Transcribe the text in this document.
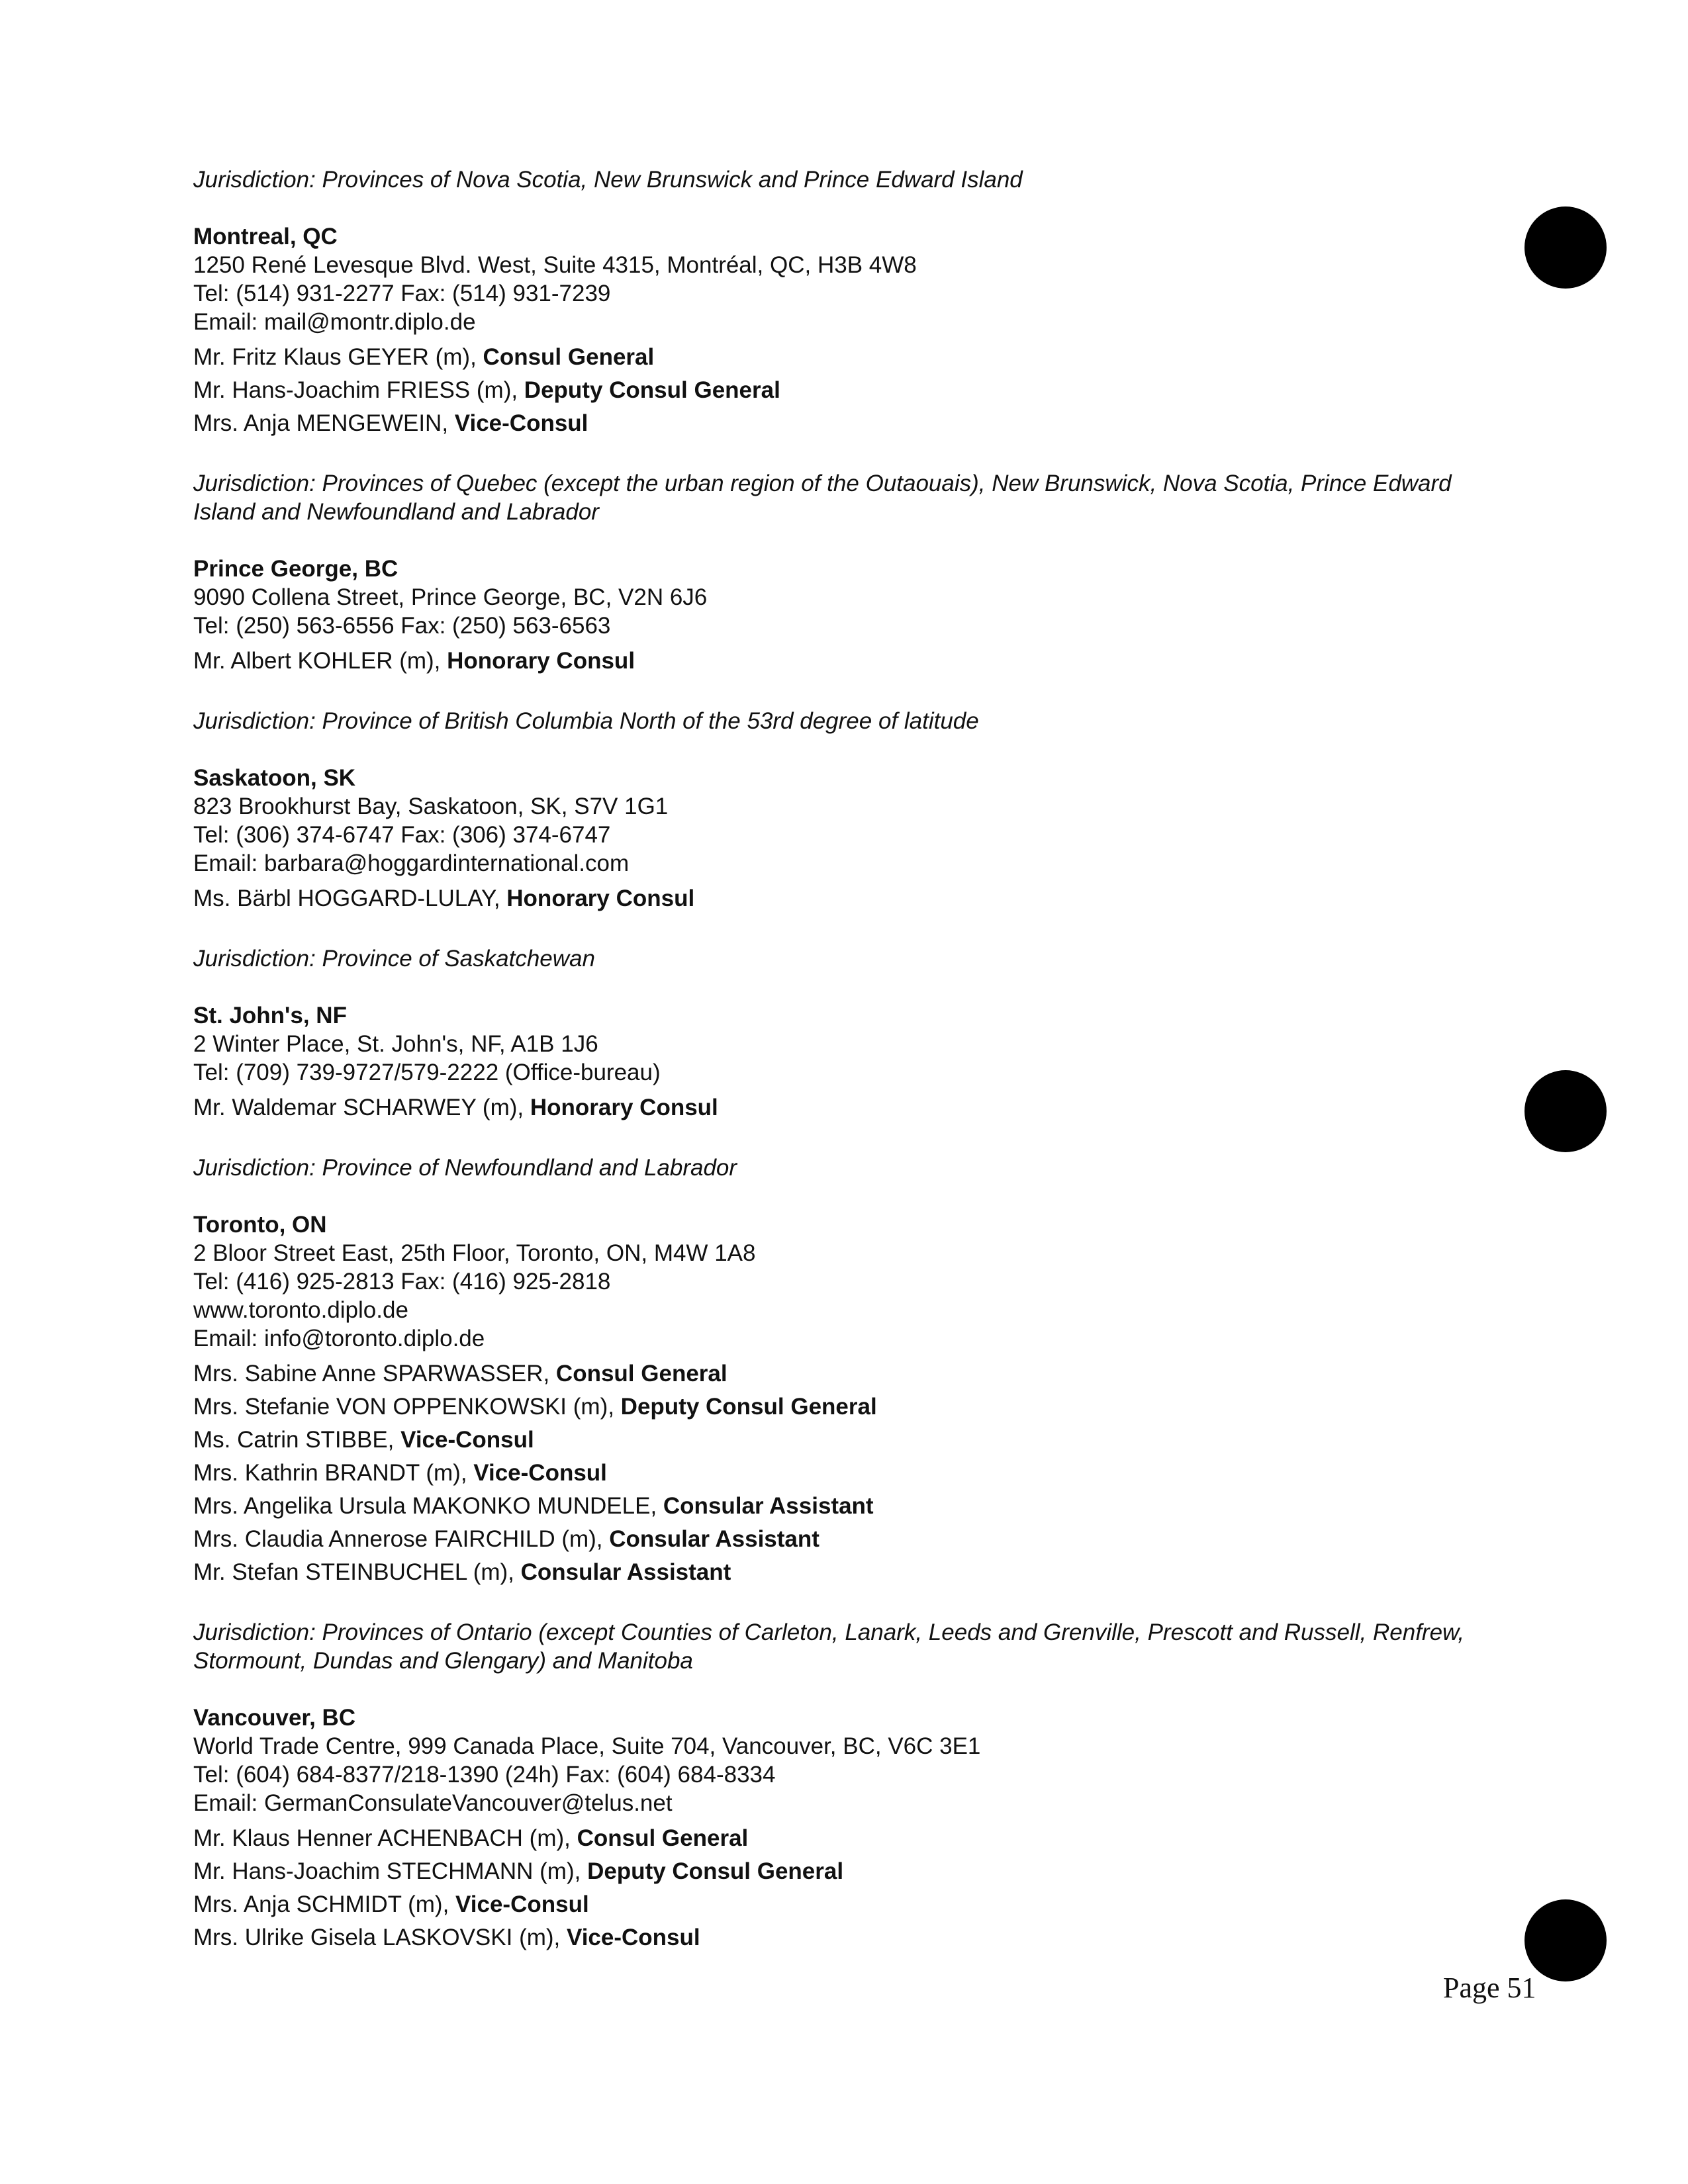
Jurisdiction: Provinces of Nova Scotia, New Brunswick and Prince Edward Island

Montreal, QC
1250 René Levesque Blvd. West, Suite 4315, Montréal, QC, H3B 4W8
Tel: (514) 931-2277 Fax: (514) 931-7239
Email: mail@montr.diplo.de
Mr. Fritz Klaus GEYER (m), Consul General
Mr. Hans-Joachim FRIESS (m), Deputy Consul General
Mrs. Anja MENGEWEIN, Vice-Consul

Jurisdiction: Provinces of Quebec (except the urban region of the Outaouais), New Brunswick, Nova Scotia, Prince Edward Island and Newfoundland and Labrador

Prince George, BC
9090 Collena Street, Prince George, BC, V2N 6J6
Tel: (250) 563-6556 Fax: (250) 563-6563
Mr. Albert KOHLER (m), Honorary Consul

Jurisdiction: Province of British Columbia North of the 53rd degree of latitude

Saskatoon, SK
823 Brookhurst Bay, Saskatoon, SK, S7V 1G1
Tel: (306) 374-6747 Fax: (306) 374-6747
Email: barbara@hoggardinternational.com
Ms. Bärbl HOGGARD-LULAY, Honorary Consul

Jurisdiction: Province of Saskatchewan

St. John's, NF
2 Winter Place, St. John's, NF, A1B 1J6
Tel: (709) 739-9727/579-2222 (Office-bureau)
Mr. Waldemar SCHARWEY (m), Honorary Consul

Jurisdiction: Province of Newfoundland and Labrador

Toronto, ON
2 Bloor Street East, 25th Floor, Toronto, ON, M4W 1A8
Tel: (416) 925-2813 Fax: (416) 925-2818
www.toronto.diplo.de
Email: info@toronto.diplo.de
Mrs. Sabine Anne SPARWASSER, Consul General
Mrs. Stefanie VON OPPENKOWSKI (m), Deputy Consul General
Ms. Catrin STIBBE, Vice-Consul
Mrs. Kathrin BRANDT (m), Vice-Consul
Mrs. Angelika Ursula MAKONKO MUNDELE, Consular Assistant
Mrs. Claudia Annerose FAIRCHILD (m), Consular Assistant
Mr. Stefan STEINBUCHEL (m), Consular Assistant

Jurisdiction: Provinces of Ontario (except Counties of Carleton, Lanark, Leeds and Grenville, Prescott and Russell, Renfrew, Stormount, Dundas and Glengary) and Manitoba

Vancouver, BC
World Trade Centre, 999 Canada Place, Suite 704, Vancouver, BC, V6C 3E1
Tel: (604) 684-8377/218-1390 (24h) Fax: (604) 684-8334
Email: GermanConsulateVancouver@telus.net
Mr. Klaus Henner ACHENBACH (m), Consul General
Mr. Hans-Joachim STECHMANN (m), Deputy Consul General
Mrs. Anja SCHMIDT (m), Vice-Consul
Mrs. Ulrike Gisela LASKOVSKI (m), Vice-Consul
Page 51
